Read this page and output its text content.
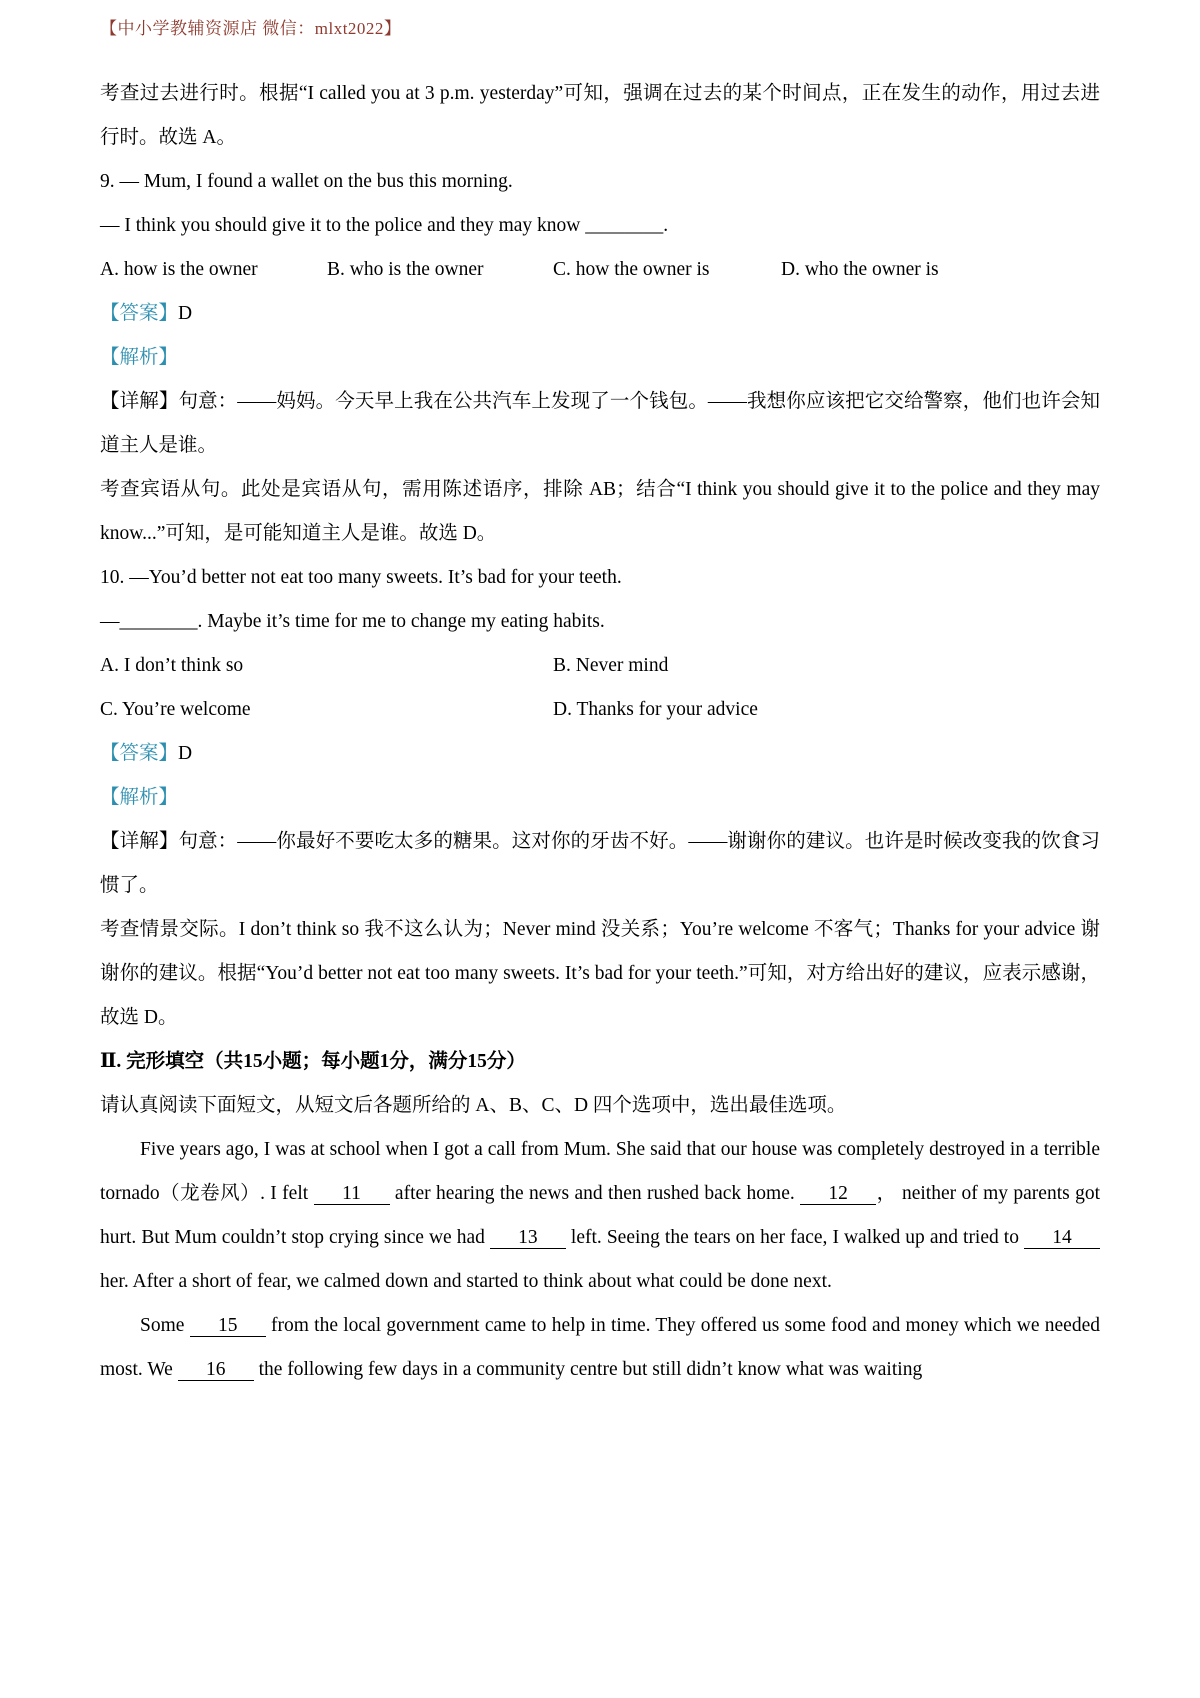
【中小学教辅资源店 微信：mlxt2022】

考查过去进行时。根据“I called you at 3 p.m. yesterday”可知，强调在过去的某个时间点，正在发生的动作，用过去进行时。故选 A。

9. — Mum, I found a wallet on the bus this morning.

— I think you should give it to the police and they may know ________.

A. how is the owner	B. who is the owner	C. how the owner is	D. who the owner is

【答案】D

【解析】

【详解】句意：——妈妈。今天早上我在公共汽车上发现了一个钱包。——我想你应该把它交给警察，他们也许会知道主人是谁。

考查宾语从句。此处是宾语从句，需用陈述语序，排除 AB；结合“I think you should give it to the police and they may know...”可知，是可能知道主人是谁。故选 D。

10. —You’d better not eat too many sweets. It’s bad for your teeth.

—________. Maybe it’s time for me to change my eating habits.

A. I don’t think so	B. Never mind
C. You’re welcome	D. Thanks for your advice

【答案】D

【解析】

【详解】句意：——你最好不要吃太多的糖果。这对你的牙齿不好。——谢谢你的建议。也许是时候改变我的饮食习惯了。

考查情景交际。I don’t think so 我不这么认为；Never mind 没关系；You’re welcome 不客气；Thanks for your advice 谢谢你的建议。根据“You’d better not eat too many sweets. It’s bad for your teeth.”可知，对方给出好的建议，应表示感谢，故选 D。

Ⅱ. 完形填空（共15小题；每小题1分，满分15分）

请认真阅读下面短文，从短文后各题所给的 A、B、C、D 四个选项中，选出最佳选项。

Five years ago, I was at school when I got a call from Mum. She said that our house was completely destroyed in a terrible tornado（龙卷风）. I felt 11 after hearing the news and then rushed back home. 12 ， neither of my parents got hurt. But Mum couldn’t stop crying since we had 13 left. Seeing the tears on her face, I walked up and tried to 14 her. After a short of fear, we calmed down and started to think about what could be done next.

Some 15 from the local government came to help in time. They offered us some food and money which we needed most. We 16 the following few days in a community centre but still didn’t know what was waiting
